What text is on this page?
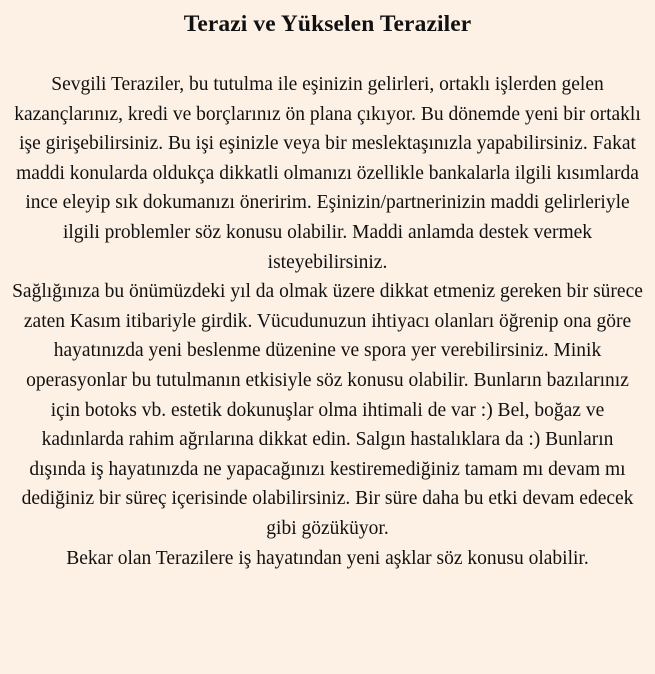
Terazi ve Yükselen Teraziler

Sevgili Teraziler, bu tutulma ile eşinizin gelirleri, ortaklı işlerden gelen kazançlarınız, kredi ve borçlarınız ön plana çıkıyor. Bu dönemde yeni bir ortaklı işe girişebilirsiniz. Bu işi eşinizle veya bir meslektaşınızla yapabilirsiniz. Fakat maddi konularda oldukça dikkatli olmanızı özellikle bankalarla ilgili kısımlarda ince eleyip sık dokumanızı öneririm. Eşinizin/partnerinizin maddi gelirleriyle ilgili problemler söz konusu olabilir. Maddi anlamda destek vermek isteyebilirsiniz.

Sağlığınıza bu önümüzdeki yıl da olmak üzere dikkat etmeniz gereken bir sürece zaten Kasım itibariyle girdik. Vücudunuzun ihtiyacı olanları öğrenip ona göre hayatınızda yeni beslenme düzenine ve spora yer verebilirsiniz. Minik operasyonlar bu tutulmanın etkisiyle söz konusu olabilir. Bunların bazılarınız için botoks vb. estetik dokunuşlar olma ihtimali de var :) Bel, boğaz ve kadınlarda rahim ağrılarına dikkat edin. Salgın hastalıklara da :) Bunların dışında iş hayatınızda ne yapacağınızı kestiremediğiniz tamam mı devam mı dediğiniz bir süreç içerisinde olabilirsiniz. Bir süre daha bu etki devam edecek gibi gözüküyor.

Bekar olan Terazilere iş hayatından yeni aşklar söz konusu olabilir.
